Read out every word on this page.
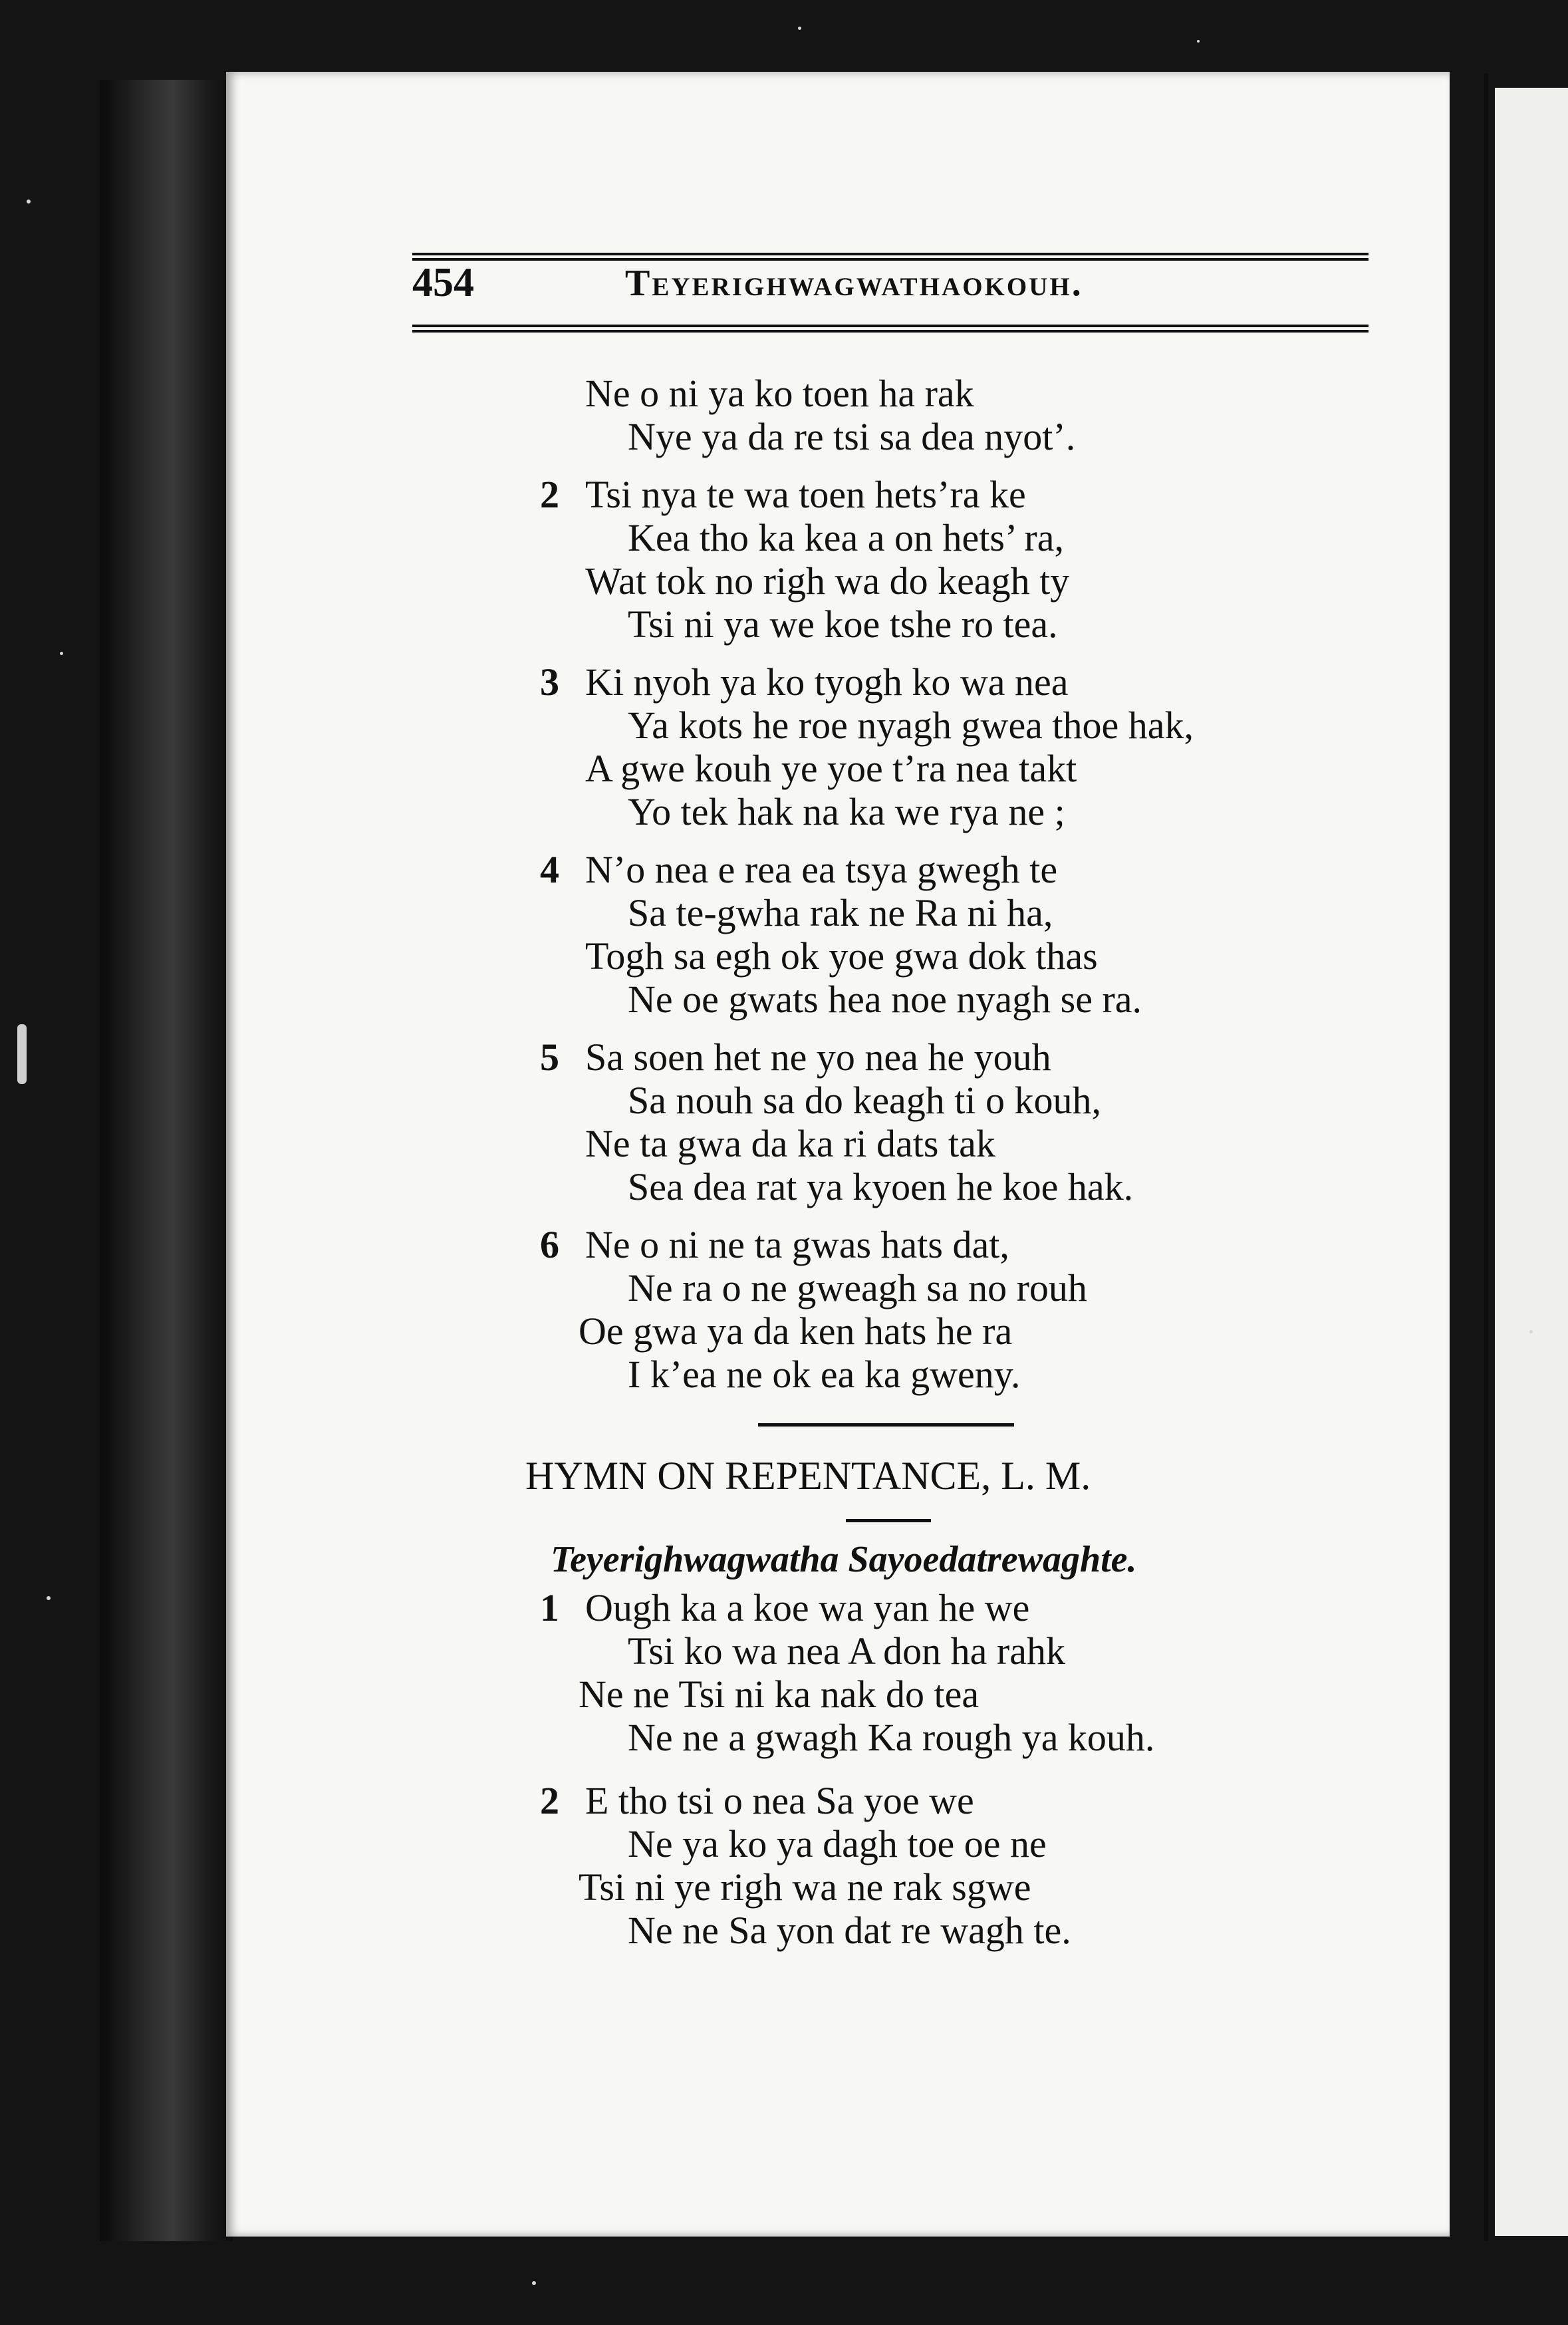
454	Teyerighwagwathaokouh.
Ne o ni ya ko toen ha rak
Nye ya da re tsi sa dea nyot’.
2 Tsi nya te wa toen hets’ra ke
Kea tho ka kea a on hets’ ra,
Wat tok no righ wa do keagh ty
Tsi ni ya we koe tshe ro tea.
3 Ki nyoh ya ko tyogh ko wa nea
Ya kots he roe nyagh gwea thoe hak,
A gwe kouh ye yoe t’ra nea takt
Yo tek hak na ka we rya ne ;
4 N’o nea e rea ea tsya gwegh te
Sa te-gwha rak ne Ra ni ha,
Togh sa egh ok yoe gwa dok thas
Ne oe gwats hea noe nyagh se ra.
5 Sa soen het ne yo nea he youh
Sa nouh sa do keagh ti o kouh,
Ne ta gwa da ka ri dats tak
Sea dea rat ya kyoen he koe hak.
6 Ne o ni ne ta gwas hats dat,
Ne ra o ne gweagh sa no rouh
Oe gwa ya da ken hats he ra
I k’ea ne ok ea ka gweny.
HYMN ON REPENTANCE, L. M.
Teyerighwagwatha Sayoedatrewaghte.
1 Ough ka a koe wa yan he we
Tsi ko wa nea A don ha rahk
Ne ne Tsi ni ka nak do tea
Ne ne a gwagh Ka rough ya kouh.
2 E tho tsi o nea Sa yoe we
Ne ya ko ya dagh toe oe ne
Tsi ni ye righ wa ne rak sgwe
Ne ne Sa yon dat re wagh te.
